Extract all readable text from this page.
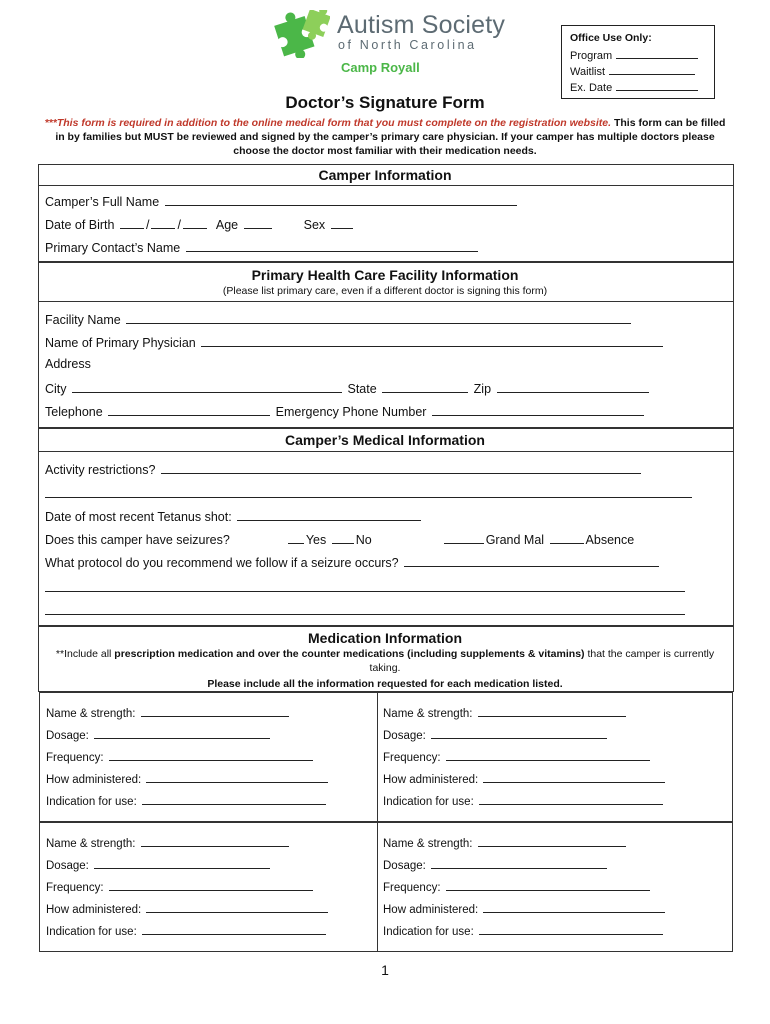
Autism Society
of North Carolina
Camp Royall
Office Use Only:
Program
Waitlist
Ex. Date
Doctor’s Signature Form
***This form is required in addition to the online medical form that you must complete on the registration website. This form can be filled in by families but MUST be reviewed and signed by the camper’s primary care physician. If your camper has multiple doctors please choose the doctor most familiar with their medication needs.
Camper Information
Camper’s Full Name
Date of Birth	/ /	Age	Sex
Primary Contact’s Name
Primary Health Care Facility Information
(Please list primary care, even if a different doctor is signing this form)
Facility Name
Name of Primary Physician
Address
City	State	Zip
Telephone	Emergency Phone Number
Camper’s Medical Information
Activity restrictions?
Date of most recent Tetanus shot:
Does this camper have seizures?	Yes No	Grand Mal	Absence
What protocol do you recommend we follow if a seizure occurs?
Medication Information
**Include all prescription medication and over the counter medications (including supplements & vitamins) that the camper is currently taking.
Please include all the information requested for each medication listed.
Name & strength:
Dosage:
Frequency:
How administered:
Indication for use:
Name & strength:
Dosage:
Frequency:
How administered:
Indication for use:
Name & strength:
Dosage:
Frequency:
How administered:
Indication for use:
Name & strength:
Dosage:
Frequency:
How administered:
Indication for use:
1
